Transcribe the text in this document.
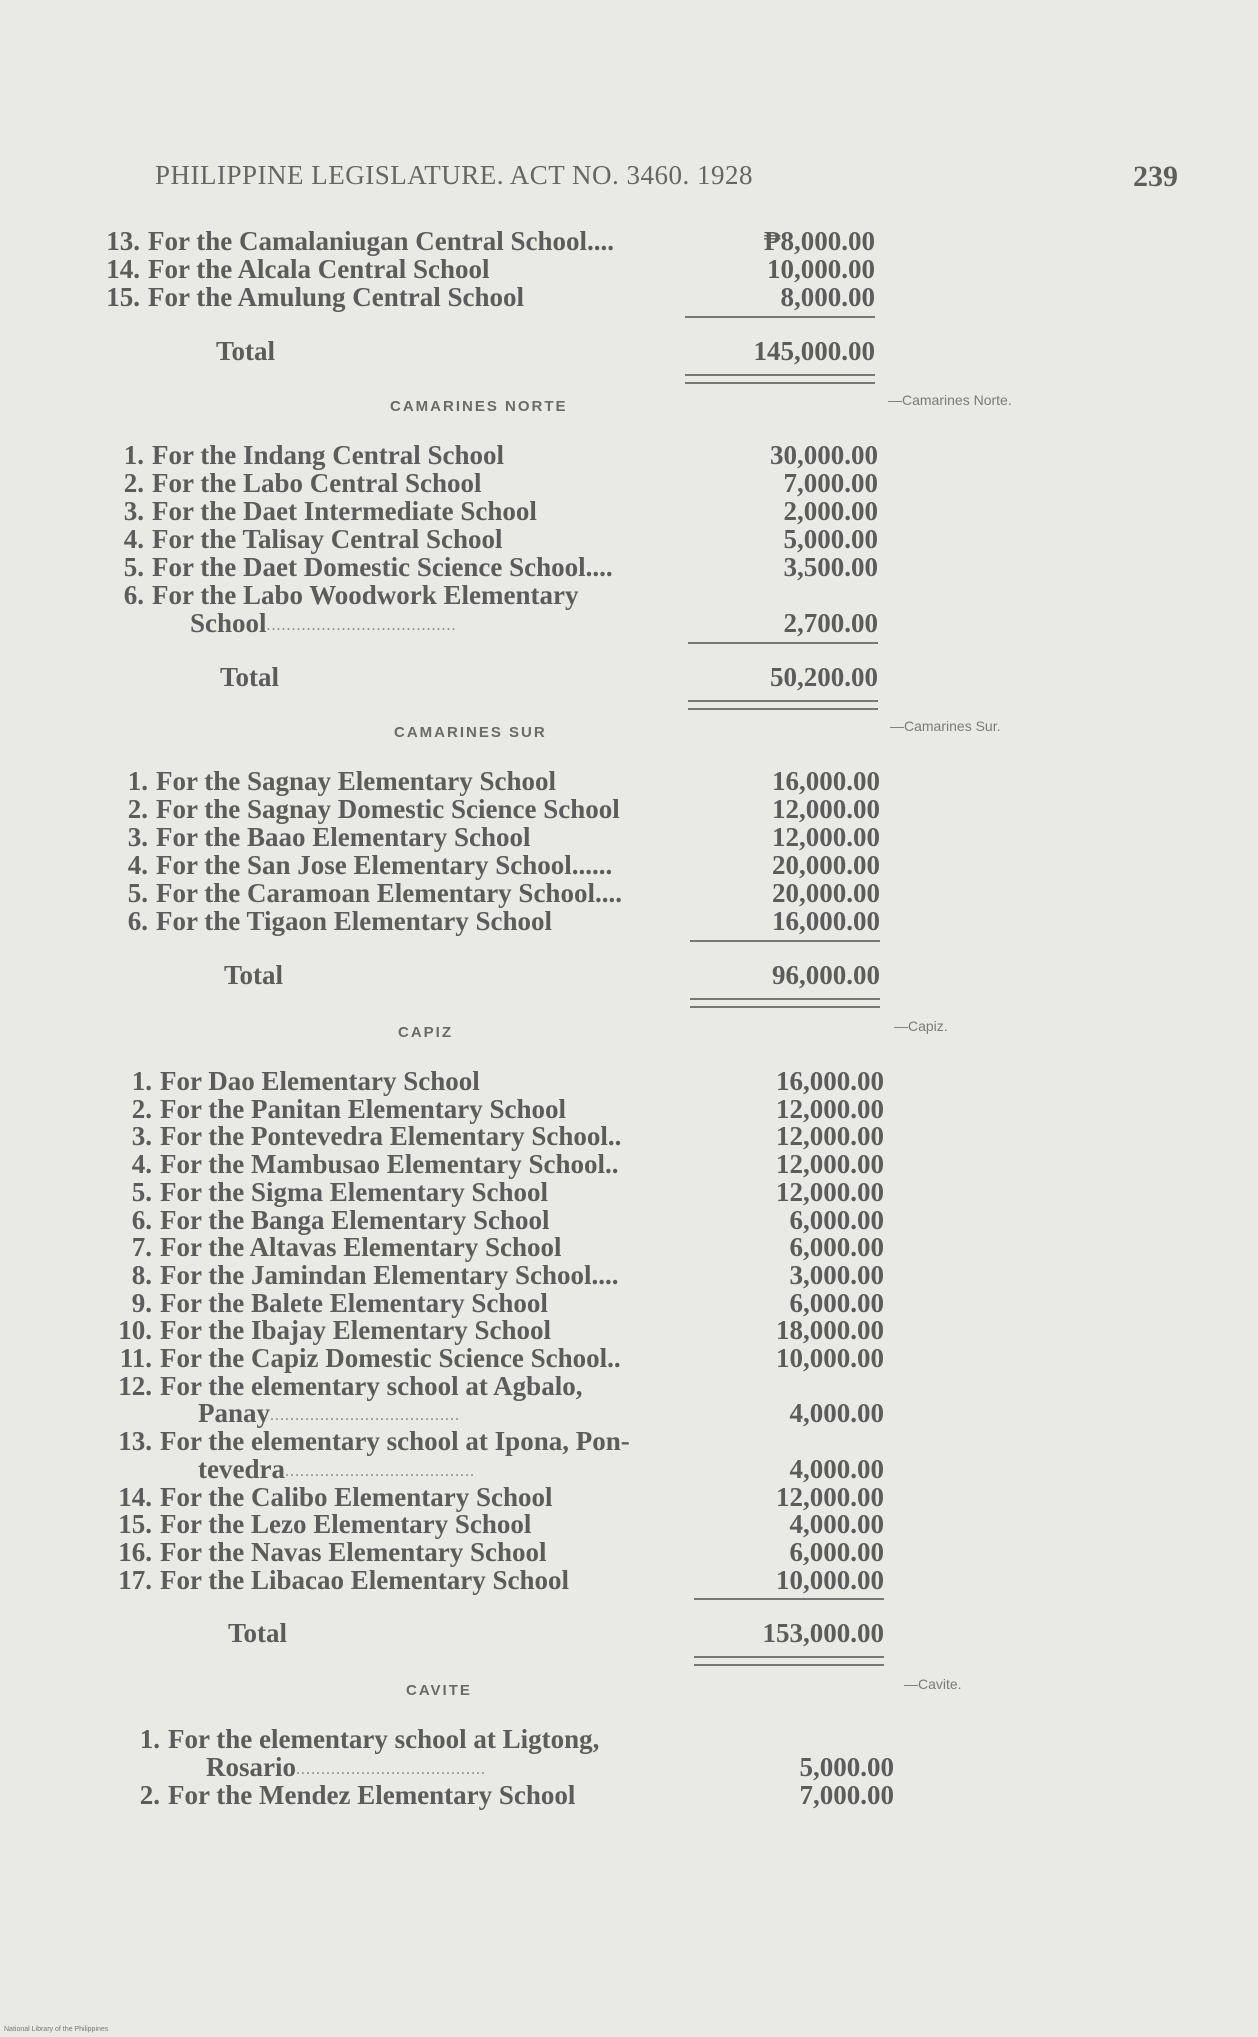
PHILIPPINE LEGISLATURE. ACT NO. 3460. 1928	239
13. For the Camalaniugan Central School....	₱8,000.00
14. For the Alcala Central School	10,000.00
15. For the Amulung Central School	8,000.00
Total	145,000.00
CAMARINES NORTE	—Camarines Norte.
1. For the Indang Central School	30,000.00
2. For the Labo Central School	7,000.00
3. For the Daet Intermediate School	2,000.00
4. For the Talisay Central School	5,000.00
5. For the Daet Domestic Science School....	3,500.00
6. For the Labo Woodwork Elementary
School......................................	2,700.00
Total	50,200.00
CAMARINES SUR	—Camarines Sur.
1. For the Sagnay Elementary School	16,000.00
2. For the Sagnay Domestic Science School	12,000.00
3. For the Baao Elementary School	12,000.00
4. For the San Jose Elementary School......	20,000.00
5. For the Caramoan Elementary School....	20,000.00
6. For the Tigaon Elementary School	16,000.00
Total	96,000.00
CAPIZ	—Capiz.
1. For Dao Elementary School	16,000.00
2. For the Panitan Elementary School	12,000.00
3. For the Pontevedra Elementary School..	12,000.00
4. For the Mambusao Elementary School..	12,000.00
5. For the Sigma Elementary School	12,000.00
6. For the Banga Elementary School	6,000.00
7. For the Altavas Elementary School	6,000.00
8. For the Jamindan Elementary School....	3,000.00
9. For the Balete Elementary School	6,000.00
10. For the Ibajay Elementary School	18,000.00
11. For the Capiz Domestic Science School..	10,000.00
12. For the elementary school at Agbalo,
Panay......................................	4,000.00
13. For the elementary school at Ipona, Pon-
tevedra......................................	4,000.00
14. For the Calibo Elementary School	12,000.00
15. For the Lezo Elementary School	4,000.00
16. For the Navas Elementary School	6,000.00
17. For the Libacao Elementary School	10,000.00
Total	153,000.00
CAVITE	—Cavite.
1. For the elementary school at Ligtong,
Rosario......................................	5,000.00
2. For the Mendez Elementary School	7,000.00
National Library of the Philippines
